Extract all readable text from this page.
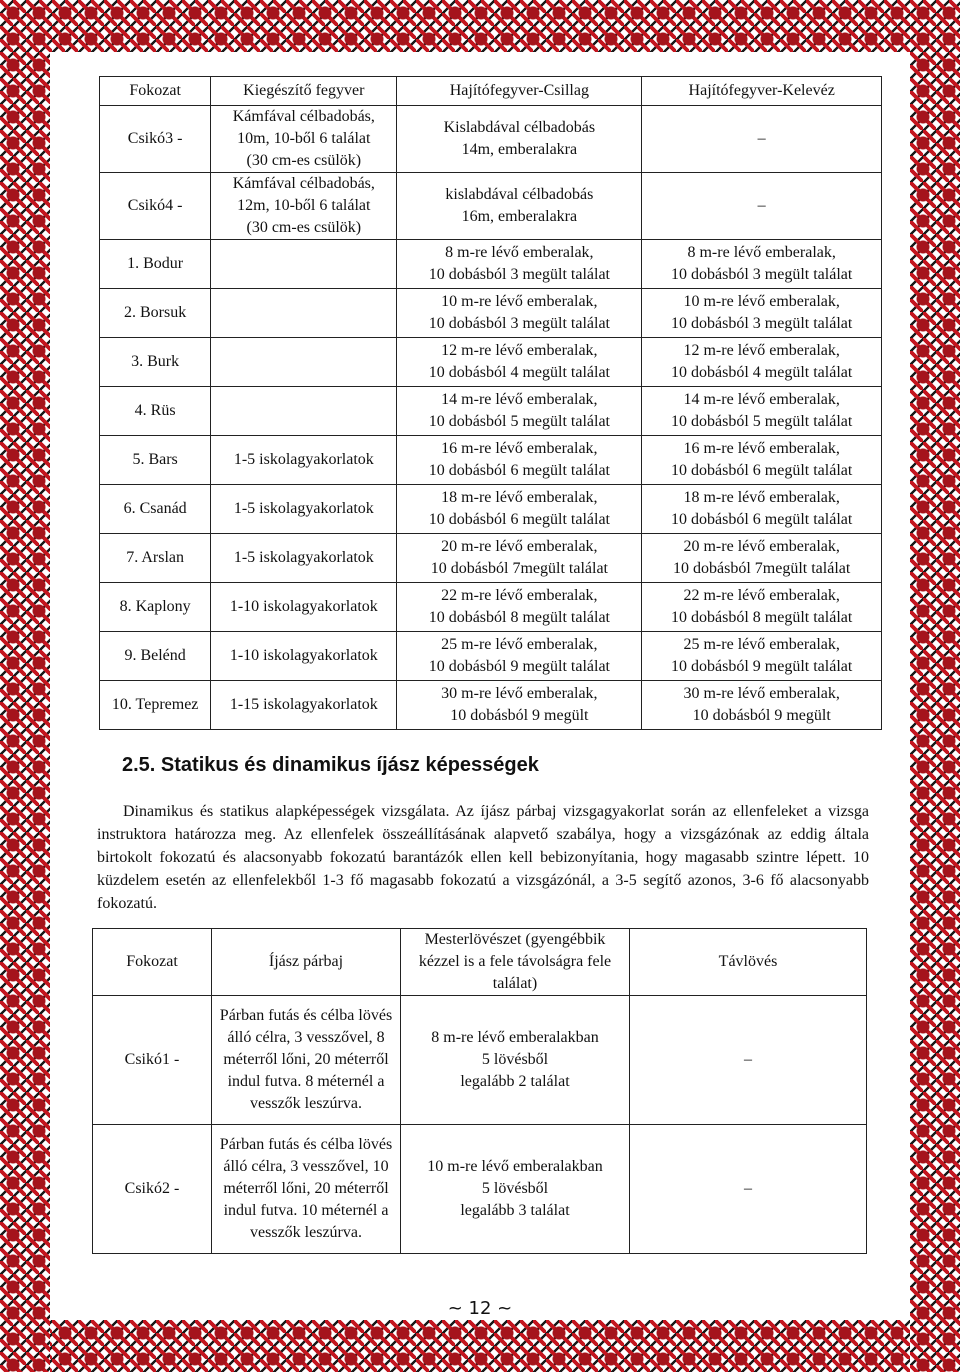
Fokozat	Kiegészítő fegyver	Hajítófegyver-Csillag	Hajítófegyver-Kelevéz
Csikó3 -	Kámfával célbadobás,
10m, 10-ből 6 találat
(30 cm-es csülök)	Kislabdával célbadobás
14m, emberalakra	–
Csikó4 -	Kámfával célbadobás,
12m, 10-ből 6 találat
(30 cm-es csülök)	kislabdával célbadobás
16m, emberalakra	–
1. Bodur		8 m-re lévő emberalak,
10 dobásból 3 megült találat	8 m-re lévő emberalak,
10 dobásból 3 megült találat
2. Borsuk		10 m-re lévő emberalak,
10 dobásból 3 megült találat	10 m-re lévő emberalak,
10 dobásból 3 megült találat
3. Burk		12 m-re lévő emberalak,
10 dobásból 4 megült találat	12 m-re lévő emberalak,
10 dobásból 4 megült találat
4. Rüs		14 m-re lévő emberalak,
10 dobásból 5 megült találat	14 m-re lévő emberalak,
10 dobásból 5 megült találat
5. Bars	1-5 iskolagyakorlatok	16 m-re lévő emberalak,
10 dobásból 6 megült találat	16 m-re lévő emberalak,
10 dobásból 6 megült találat
6. Csanád	1-5 iskolagyakorlatok	18 m-re lévő emberalak,
10 dobásból 6 megült találat	18 m-re lévő emberalak,
10 dobásból 6 megült találat
7. Arslan	1-5 iskolagyakorlatok	20 m-re lévő emberalak,
10 dobásból 7megült találat	20 m-re lévő emberalak,
10 dobásból 7megült találat
8. Kaplony	1-10 iskolagyakorlatok	22 m-re lévő emberalak,
10 dobásból 8 megült találat	22 m-re lévő emberalak,
10 dobásból 8 megült találat
9. Belénd	1-10 iskolagyakorlatok	25 m-re lévő emberalak,
10 dobásból 9 megült találat	25 m-re lévő emberalak,
10 dobásból 9 megült találat
10. Tepremez	1-15 iskolagyakorlatok	30 m-re lévő emberalak,
10 dobásból 9 megült	30 m-re lévő emberalak,
10 dobásból 9 megült
2.5. Statikus és dinamikus íjász képességek

Dinamikus és statikus alapképességek vizsgálata. Az íjász párbaj vizsgagyakorlat során az ellenfeleket a vizsga instruktora határozza meg. Az ellenfelek összeállításának alapvető szabálya, hogy a vizsgázónak az eddig általa birtokolt fokozatú és alacsonyabb fokozatú barantázók ellen kell bebizonyítania, hogy magasabb szintre lépett. 10 küzdelem esetén az ellenfelekből 1-3 fő magasabb fokozatú a vizsgázónál, a 3-5 segítő azonos, 3-6 fő alacsonyabb fokozatú.

Fokozat	Íjász párbaj	Mesterlövészet (gyengébbik kézzel is a fele távolságra fele találat)	Távlövés
Csikó1 -	Párban futás és célba lövés álló célra, 3 vesszővel, 8 méterről lőni, 20 méterről indul futva. 8 méternél a vesszők leszúrva.	8 m-re lévő emberalakban
5 lövésből
legalább 2 találat	–
Csikó2 -	Párban futás és célba lövés álló célra, 3 vesszővel, 10 méterről lőni, 20 méterről indul futva. 10 méternél a vesszők leszúrva.	10 m-re lévő emberalakban
5 lövésből
legalább 3 találat	–
~ 12 ~
